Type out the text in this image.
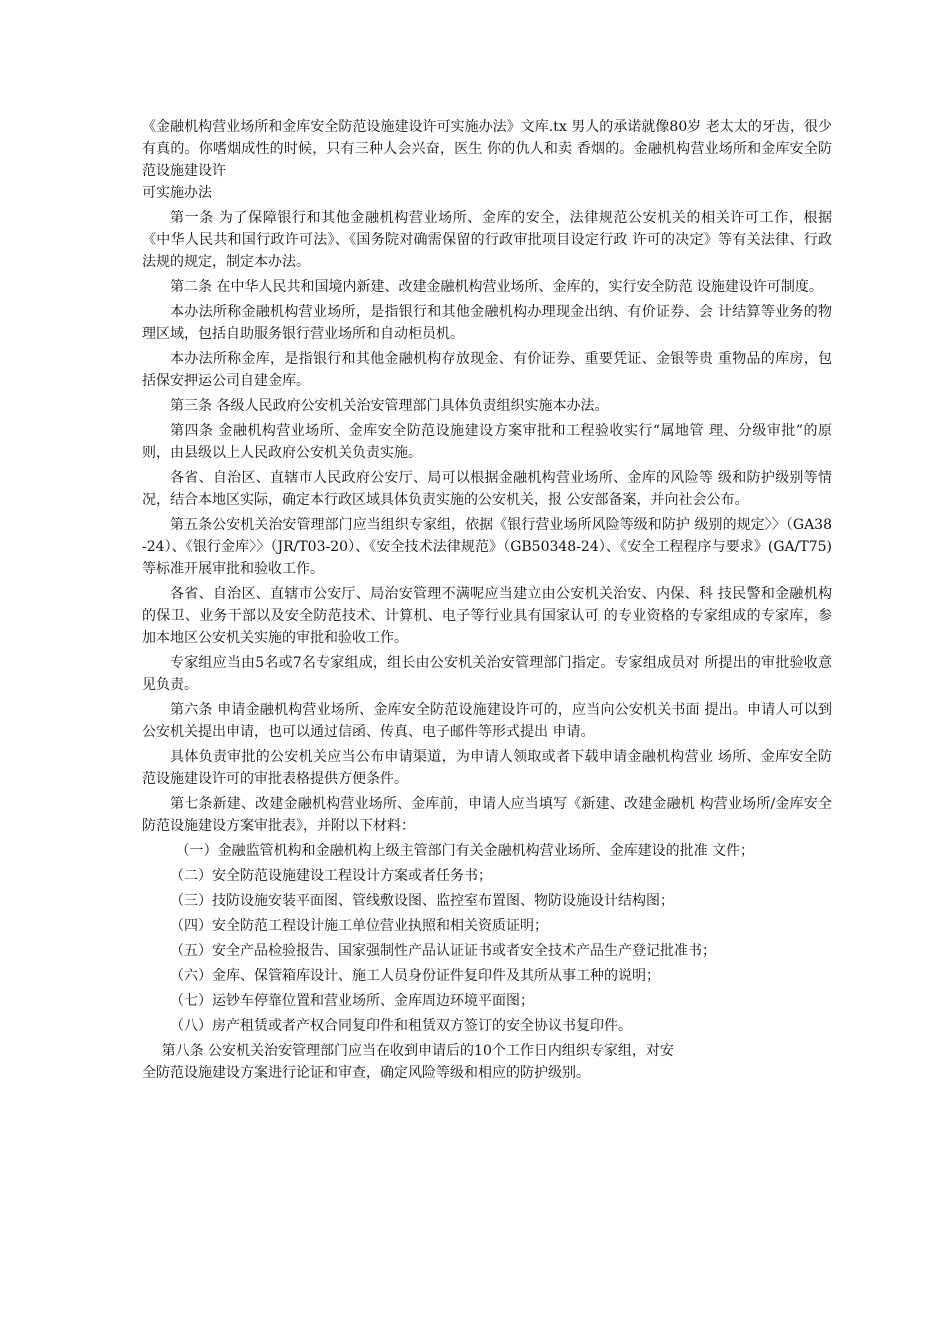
《金融机构营业场所和金库安全防范设施建设许可实施办法》文库.tx 男人的承诺就像80岁 老太太的牙齿，很少有真的。你嗜烟成性的时候，只有三种人会兴奋，医生 你的仇人和卖 香烟的。金融机构营业场所和金库安全防范设施建设许

可实施办法

第一条 为了保障银行和其他金融机构营业场所、金库的安全，法律规范公安机关的相关许可工作，根据《中华人民共和国行政许可法》、《国务院对确需保留的行政审批项目设定行政 许可的决定》等有关法律、行政法规的规定，制定本办法。

第二条 在中华人民共和国境内新建、改建金融机构营业场所、金库的，实行安全防范 设施建设许可制度。

本办法所称金融机构营业场所，是指银行和其他金融机构办理现金出纳、有价证券、会 计结算等业务的物理区域，包括自助服务银行营业场所和自动柜员机。

本办法所称金库，是指银行和其他金融机构存放现金、有价证券、重要凭证、金银等贵 重物品的库房，包括保安押运公司自建金库。

第三条 各级人民政府公安机关治安管理部门具体负责组织实施本办法。

第四条 金融机构营业场所、金库安全防范设施建设方案审批和工程验收实行“属地管 理、分级审批”的原则，由县级以上人民政府公安机关负责实施。

各省、自治区、直辖市人民政府公安厅、局可以根据金融机构营业场所、金库的风险等 级和防护级别等情况，结合本地区实际，确定本行政区域具体负责实施的公安机关，报 公安部备案，并向社会公布。

第五条公安机关治安管理部门应当组织专家组，依据《银行营业场所风险等级和防护 级别的规定〉〉（GA38-24）、《银行金库〉〉（JR/T03-20）、《安全技术法律规范》（GB50348-24）、《安全工程程序与要求》(GA/T75)等标准开展审批和验收工作。

各省、自治区、直辖市公安厅、局治安管理不满呢应当建立由公安机关治安、内保、科 技民警和金融机构的保卫、业务干部以及安全防范技术、计算机、电子等行业具有国家认可 的专业资格的专家组成的专家库，参加本地区公安机关实施的审批和验收工作。

专家组应当由5名或7名专家组成，组长由公安机关治安管理部门指定。专家组成员对 所提出的审批验收意见负责。

第六条 申请金融机构营业场所、金库安全防范设施建设许可的，应当向公安机关书面 提出。申请人可以到公安机关提出申请，也可以通过信函、传真、电子邮件等形式提出 申请。

具体负责审批的公安机关应当公布申请渠道，为申请人领取或者下载申请金融机构营业 场所、金库安全防范设施建设许可的审批表格提供方便条件。

第七条新建、改建金融机构营业场所、金库前，申请人应当填写《新建、改建金融机 构营业场所/金库安全防范设施建设方案审批表》，并附以下材料：

（一）金融监管机构和金融机构上级主管部门有关金融机构营业场所、金库建设的批准 文件；

（二）安全防范设施建设工程设计方案或者任务书；

（三）技防设施安装平面图、管线敷设图、监控室布置图、物防设施设计结构图；

（四）安全防范工程设计施工单位营业执照和相关资质证明；

（五）安全产品检验报告、国家强制性产品认证证书或者安全技术产品生产登记批准书；

（六）金库、保管箱库设计、施工人员身份证件复印件及其所从事工种的说明；

（七）运钞车停靠位置和营业场所、金库周边环境平面图；

（八）房产租赁或者产权合同复印件和租赁双方签订的安全协议书复印件。

第八条 公安机关治安管理部门应当在收到申请后的10个工作日内组织专家组，对安

全防范设施建设方案进行论证和审查，确定风险等级和相应的防护级别。
